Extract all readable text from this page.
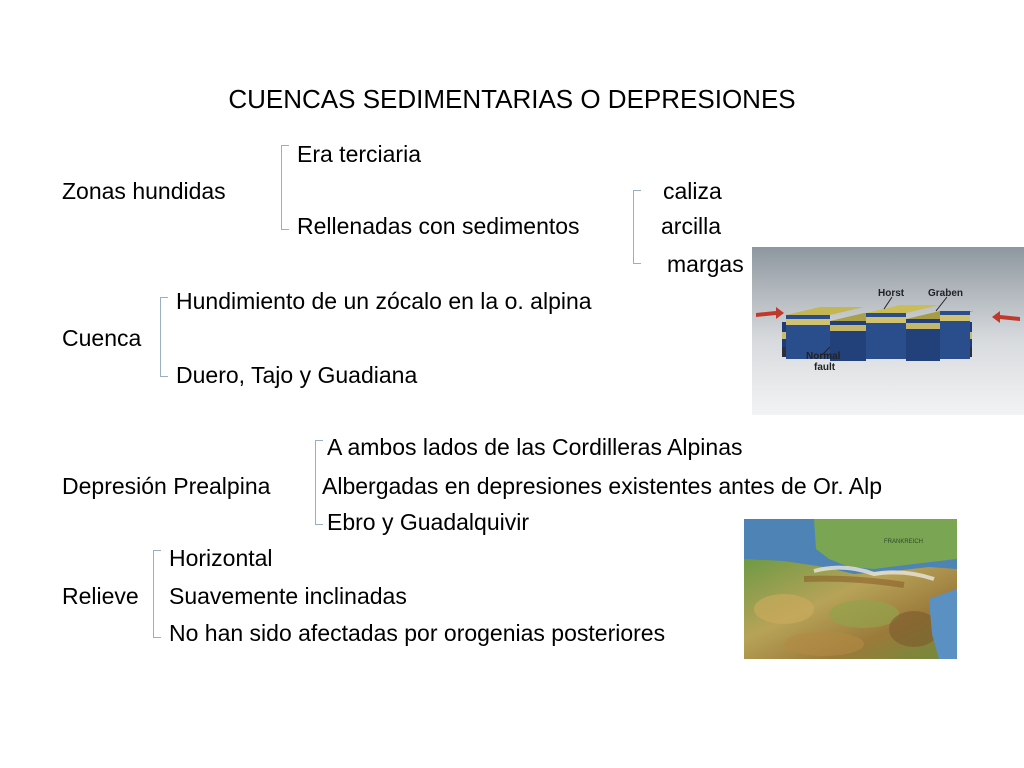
CUENCAS SEDIMENTARIAS O DEPRESIONES
Zonas hundidas
Era terciaria
Rellenadas con sedimentos
caliza
arcilla
margas
Cuenca
Hundimiento de un zócalo en la o. alpina
Duero, Tajo y Guadiana
Depresión Prealpina
A ambos lados de las Cordilleras Alpinas
Albergadas en depresiones existentes antes de Or. Alp
Ebro y Guadalquivir
Relieve
Horizontal
Suavemente inclinadas
No han sido afectadas por orogenias posteriores
Horst Graben
Normal
fault
FRANKREICH
